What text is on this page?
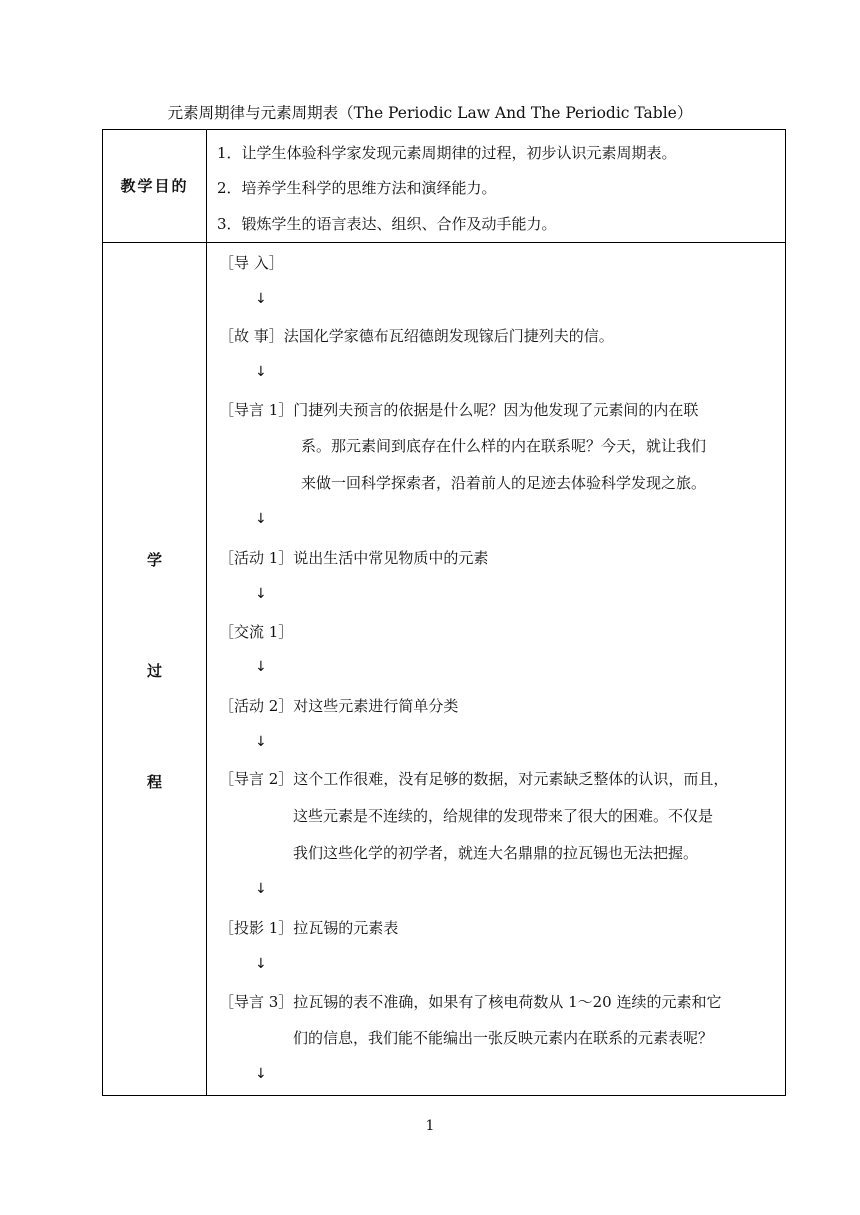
元素周期律与元素周期表（The Periodic Law And The Periodic Table）
教学目的
1．让学生体验科学家发现元素周期律的过程，初步认识元素周期表。
2．培养学生科学的思维方法和演绎能力。
3．锻炼学生的语言表达、组织、合作及动手能力。
学
过
程
［导 入］
↓
［故 事］法国化学家德布瓦绍德朗发现镓后门捷列夫的信。
↓
［导言 1］门捷列夫预言的依据是什么呢？因为他发现了元素间的内在联
系。那元素间到底存在什么样的内在联系呢？今天，就让我们
来做一回科学探索者，沿着前人的足迹去体验科学发现之旅。
↓
［活动 1］说出生活中常见物质中的元素
↓
［交流 1］
↓
［活动 2］对这些元素进行简单分类
↓
［导言 2］这个工作很难，没有足够的数据，对元素缺乏整体的认识，而且，
这些元素是不连续的，给规律的发现带来了很大的困难。不仅是
我们这些化学的初学者，就连大名鼎鼎的拉瓦锡也无法把握。
↓
［投影 1］拉瓦锡的元素表
↓
［导言 3］拉瓦锡的表不准确，如果有了核电荷数从 1～20 连续的元素和它
们的信息，我们能不能编出一张反映元素内在联系的元素表呢？
↓
1
